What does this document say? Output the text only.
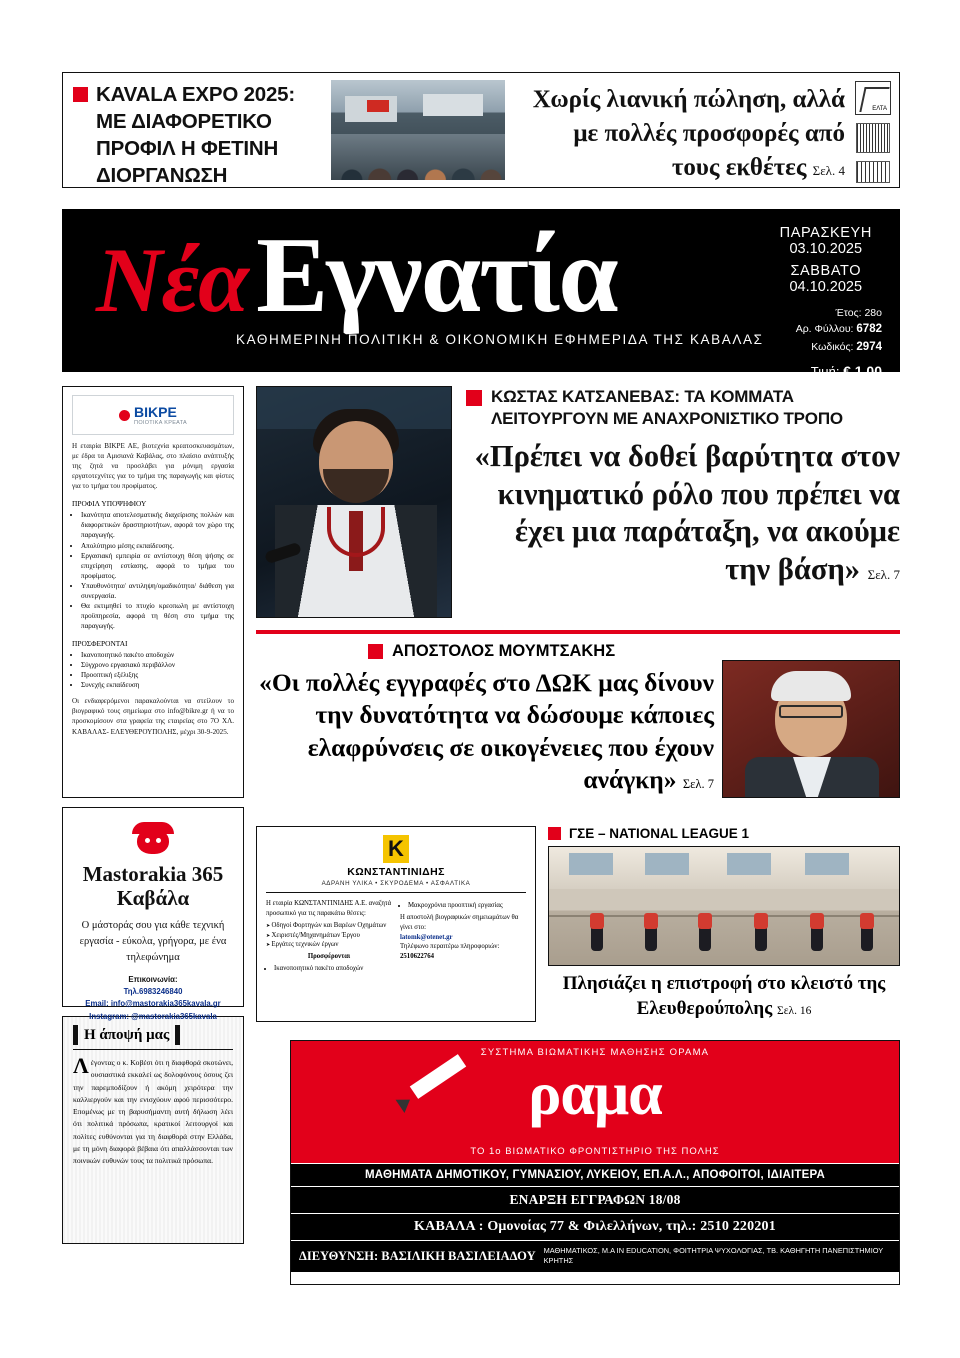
KAVALA EXPO 2025: ΜΕ ΔΙΑΦΟΡΕΤΙΚΟ ΠΡΟΦΙΛ Η ΦΕΤΙΝΗ ΔΙΟΡΓΑΝΩΣΗ
Χωρίς λιανική πώληση, αλλά με πολλές προσφορές από τους εκθέτες Σελ. 4
ΕΛΤΑ
Νέα Εγνατία
ΚΑΘΗΜΕΡΙΝΗ ΠΟΛΙΤΙΚΗ & ΟΙΚΟΝΟΜΙΚΗ ΕΦΗΜΕΡΙΔΑ ΤΗΣ ΚΑΒΑΛΑΣ
ΠΑΡΑΣΚΕΥΗ
03.10.2025
ΣΑΒΒΑΤΟ
04.10.2025
Έτος: 28ο
Αρ. Φύλλου: 6782
Κωδικός: 2974
Τιμή: € 1,00
ΒΙΚΡΕ
ΠΟΙΟΤΙΚΑ ΚΡΕΑΤΑ

Η εταιρία ΒΙΚΡΕ ΑΕ, βιοτεχνία κρεατοσκευασμάτων, με έδρα τα Αμισιανά Καβάλας, στο πλαίσιο ανάπτυξής της ζητά να προσλάβει για μόνιμη εργασία εργατοτεχνίτες για το τμήμα της παραγωγής και φίστες για το τμήμα του προφίματος.

ΠΡΟΦΙΛ ΥΠΟΨΗΦΙΟΥ
• Ικανότητα αποτελεσματικής διαχείρισης πολλών και διαφορετικών δραστηριοτήτων, αφορά τον χώρο της παραγωγής.
• Απολύτηριο μέσης εκπαίδευσης.
• Εργασιακή εμπειρία σε αντίστοιχη θέση ψήσης σε επιχείρηση εστίασης, αφορά το τμήμα του προφίματος.
• Υπαυθυνότητα/ αντιληψη/ομαδικότητα/ διάθεση για συνεργασία.
• Θα εκτιμηθεί το πτυχίο κρεοπωλη με αντίστοιχη προϋπηρεσία, αφορά τη θέση στο τμήμα της παραγωγής.
ΠΡΟΣΦΕΡΟΝΤΑΙ
• Ικανοποιητικό πακέτο αποδοχών
• Σύγχρονο εργασιακό περιβάλλον
• Προοπτική εξέλιξης
• Συνεχής εκπαίδευση

Οι ενδιαφερόμενοι παρακαλούνται να στείλουν το βιογραφικό τους σημείωμα στο info@bikre.gr ή να το προσκομίσουν στα γραφεία της εταιρείας στο 7Ο ΧΛ. ΚΑΒΑΛΑΣ- ΕΛΕΥΘΕΡΟΥΠΟΛΗΣ, μέχρι 30-9-2025.

Mastorakia 365 Καβάλα
Ο μάστοράς σου για κάθε τεχνική εργασία - εύκολα, γρήγορα, με ένα τηλεφώνημα
Επικοινωνία:
Τηλ.6983246840
Email: info@mastorakia365kavala.gr
Instagram: @mastorakia365kavala
Η άποψή μας

Λέγοντας ο κ. Κοβέσι ότι η διαφθορά σκοτώνει, ουσιαστικά εκκαλεί ως δολοφόνους όσους ζει την παρεμποδίζουν ή ακόμη χειρότερα την καλλιεργούν και την ενισχύουν αφού περισσότερο. Επομένως με τη βαρυσήμαντη αυτή δήλωση λέει ότι πολιτικά πρόσωπα, κρατικοί λειτουργοί και πολίτες ευθύνονται για τη διαφθορά στην Ελλάδα, με τη μόνη διαφορά βέβαια ότι απαλλάσσονται των ποινικών ευθυνών τους τα πολιτικά πρόσωπα.

ΚΩΣΤΑΣ ΚΑΤΣΑΝΕΒΑΣ: ΤΑ ΚΟΜΜΑΤΑ ΛΕΙΤΟΥΡΓΟΥΝ ΜΕ ΑΝΑΧΡΟΝΙΣΤΙΚΟ ΤΡΟΠΟ
«Πρέπει να δοθεί βαρύτητα στον κινηματικό ρόλο που πρέπει να έχει μια παράταξη, να ακούμε την βάση» Σελ. 7
ΑΠΟΣΤΟΛΟΣ ΜΟΥΜΤΣΑΚΗΣ
«Οι πολλές εγγραφές στο ΔΩΚ μας δίνουν την δυνατότητα να δώσουμε κάποιες ελαφρύνσεις σε οικογένειες που έχουν ανάγκη» Σελ. 7
K
ΚΩΝΣΤΑΝΤΙΝΙΔΗΣ
ΑΔΡΑΝΗ ΥΛΙΚΑ • ΣΚΥΡΟΔΕΜΑ • ΑΣΦΑΛΤΙΚΑ

Η εταιρία ΚΩΝΣΤΑΝΤΙΝΙΔΗΣ Α.Ε. αναζητά προσωπικό για τις παρακάτω θέσεις:

➤ Οδηγοί Φορτηγών και Βαρέων Οχημάτων
➤ Χειριστές/Μηχανημάτων Έργου
➤ Εργάτες τεχνικών έργων

Προσφέρονται

• Ικανοποιητικό πακέτο αποδοχών
• Μακροχρόνια προοπτική εργασίας

Η αποστολή βιογραφικών σημειωμάτων θα γίνει στο:

latomk@otenet.gr

Τηλέφωνο περαιτέρω πληροφοριών:

2510622764

ΓΣΕ – NATIONAL LEAGUE 1
Πλησιάζει η επιστροφή στο κλειστό της Ελευθερούπολης Σελ. 16
ΣΥΣΤΗΜΑ ΒΙΩΜΑΤΙΚΗΣ ΜΑΘΗΣΗΣ ΟΡΑΜΑ
ραμα
ΤΟ 1ο ΒΙΩΜΑΤΙΚΟ ΦΡΟΝΤΙΣΤΗΡΙΟ ΤΗΣ ΠΟΛΗΣ
ΜΑΘΗΜΑΤΑ ΔΗΜΟΤΙΚΟΥ, ΓΥΜΝΑΣΙΟΥ, ΛΥΚΕΙΟΥ, ΕΠ.Α.Λ., ΑΠΟΦΟΙΤΟΙ, ΙΔΙΑΙΤΕΡΑ
ΕΝΑΡΞΗ ΕΓΓΡΑΦΩΝ 18/08
ΚΑΒΑΛΑ : Ομονοίας 77 & Φιλελλήνων, τηλ.: 2510 220201
ΔΙΕΥΘΥΝΣΗ: ΒΑΣΙΛΙΚΗ ΒΑΣΙΛΕΙΑΔΟΥ ΜΑΘΗΜΑΤΙΚΟΣ, Μ.Α IN EDUCATION, ΦΟΙΤΗΤΡΙΑ ΨΥΧΟΛΟΓΙΑΣ, ΤΒ. ΚΑΘΗΓΗΤΗ ΠΑΝΕΠΙΣΤΗΜΙΟΥ ΚΡΗΤΗΣ
